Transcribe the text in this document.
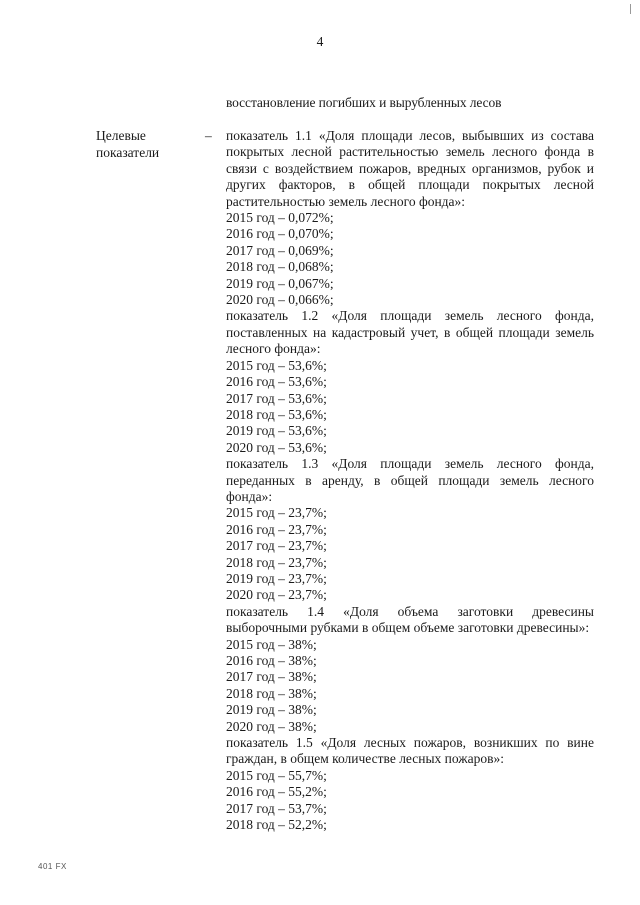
4
восстановление погибших и вырубленных лесов
Целевые
показатели
– показатель 1.1 «Доля площади лесов, выбывших из состава покрытых лесной растительностью земель лесного фонда в связи с воздействием пожаров, вредных организмов, рубок и других факторов, в общей площади покрытых лесной растительностью земель лесного фонда»:

2015 год – 0,072%;

2016 год – 0,070%;

2017 год – 0,069%;

2018 год – 0,068%;

2019 год – 0,067%;

2020 год – 0,066%;

показатель 1.2 «Доля площади земель лесного фонда, поставленных на кадастровый учет, в общей площади земель лесного фонда»:

2015 год – 53,6%;

2016 год – 53,6%;

2017 год – 53,6%;

2018 год – 53,6%;

2019 год – 53,6%;

2020 год – 53,6%;

показатель 1.3 «Доля площади земель лесного фонда, переданных в аренду, в общей площади земель лесного фонда»:

2015 год – 23,7%;

2016 год – 23,7%;

2017 год – 23,7%;

2018 год – 23,7%;

2019 год – 23,7%;

2020 год – 23,7%;

показатель 1.4 «Доля объема заготовки древесины выборочными рубками в общем объеме заготовки древесины»:

2015 год – 38%;

2016 год – 38%;

2017 год – 38%;

2018 год – 38%;

2019 год – 38%;

2020 год – 38%;

показатель 1.5 «Доля лесных пожаров, возникших по вине граждан, в общем количестве лесных пожаров»:

2015 год – 55,7%;

2016 год – 55,2%;

2017 год – 53,7%;

2018 год – 52,2%;

401 FX
